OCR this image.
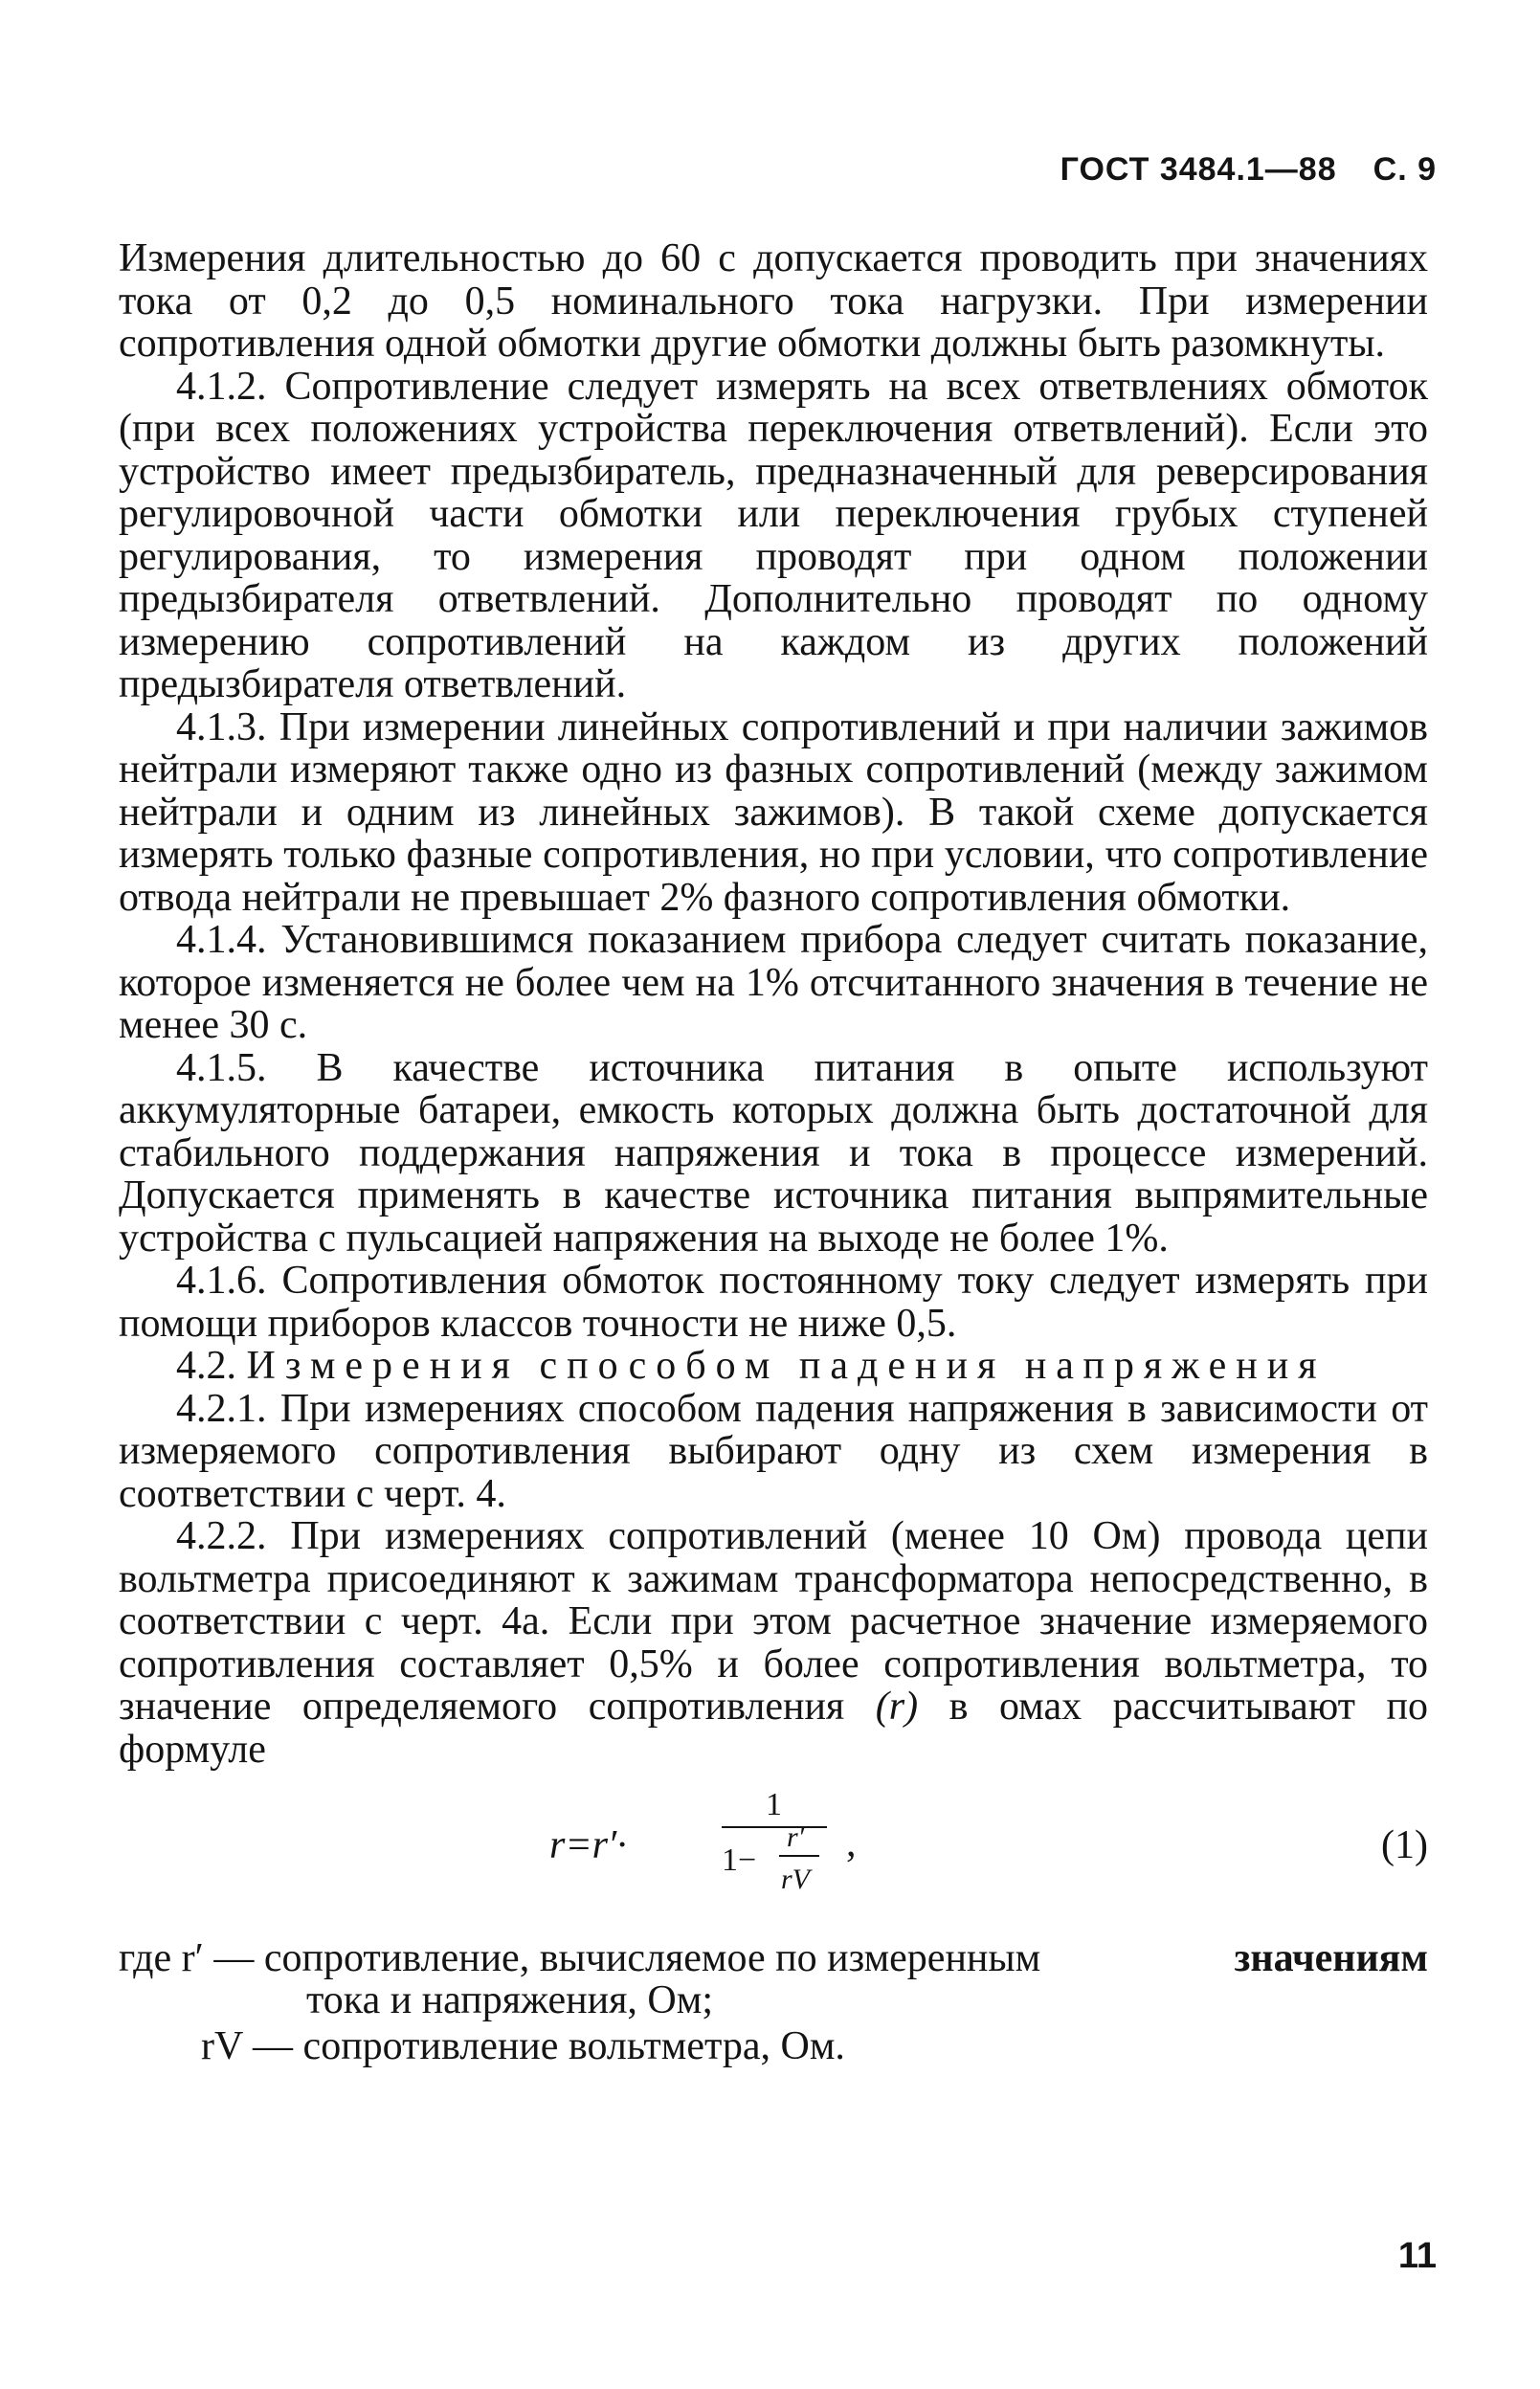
ГОСТ 3484.1—88 С. 9

Измерения длительностью до 60 с допускается проводить при значениях тока от 0,2 до 0,5 номинального тока нагрузки. При измерении сопротивления одной обмотки другие обмотки должны быть разомкнуты.

4.1.2. Сопротивление следует измерять на всех ответвлениях обмоток (при всех положениях устройства переключения ответвлений). Если это устройство имеет предызбиратель, предназначенный для реверсирования регулировочной части обмотки или переключения грубых ступеней регулирования, то измерения проводят при одном положении предызбирателя ответвлений. Дополнительно проводят по одному измерению сопротивлений на каждом из других положений предызбирателя ответвлений.

4.1.3. При измерении линейных сопротивлений и при наличии зажимов нейтрали измеряют также одно из фазных сопротивлений (между зажимом нейтрали и одним из линейных зажимов). В такой схеме допускается измерять только фазные сопротивления, но при условии, что сопротивление отвода нейтрали не превышает 2% фазного сопротивления обмотки.

4.1.4. Установившимся показанием прибора следует считать показание, которое изменяется не более чем на 1% отсчитанного значения в течение не менее 30 с.

4.1.5. В качестве источника питания в опыте используют аккумуляторные батареи, емкость которых должна быть достаточной для стабильного поддержания напряжения и тока в процессе измерений. Допускается применять в качестве источника питания выпрямительные устройства с пульсацией напряжения на выходе не более 1%.

4.1.6. Сопротивления обмоток постоянному току следует измерять при помощи приборов классов точности не ниже 0,5.

4.2. Измерения способом падения напряжения

4.2.1. При измерениях способом падения напряжения в зависимости от измеряемого сопротивления выбирают одну из схем измерения в соответствии с черт. 4.

4.2.2. При измерениях сопротивлений (менее 10 Ом) провода цепи вольтметра присоединяют к зажимам трансформатора непосредственно, в соответствии с черт. 4а. Если при этом расчетное значение измеряемого сопротивления составляет 0,5% и более сопротивления вольтметра, то значение определяемого сопротивления (r) в омах рассчитывают по формуле

r=r′·
1
1−
r′
rV
,	(1)
где r′ — сопротивление, вычисляемое по измеренным	значениям
тока и напряжения, Ом;
rV — сопротивление вольтметра, Ом.
11
